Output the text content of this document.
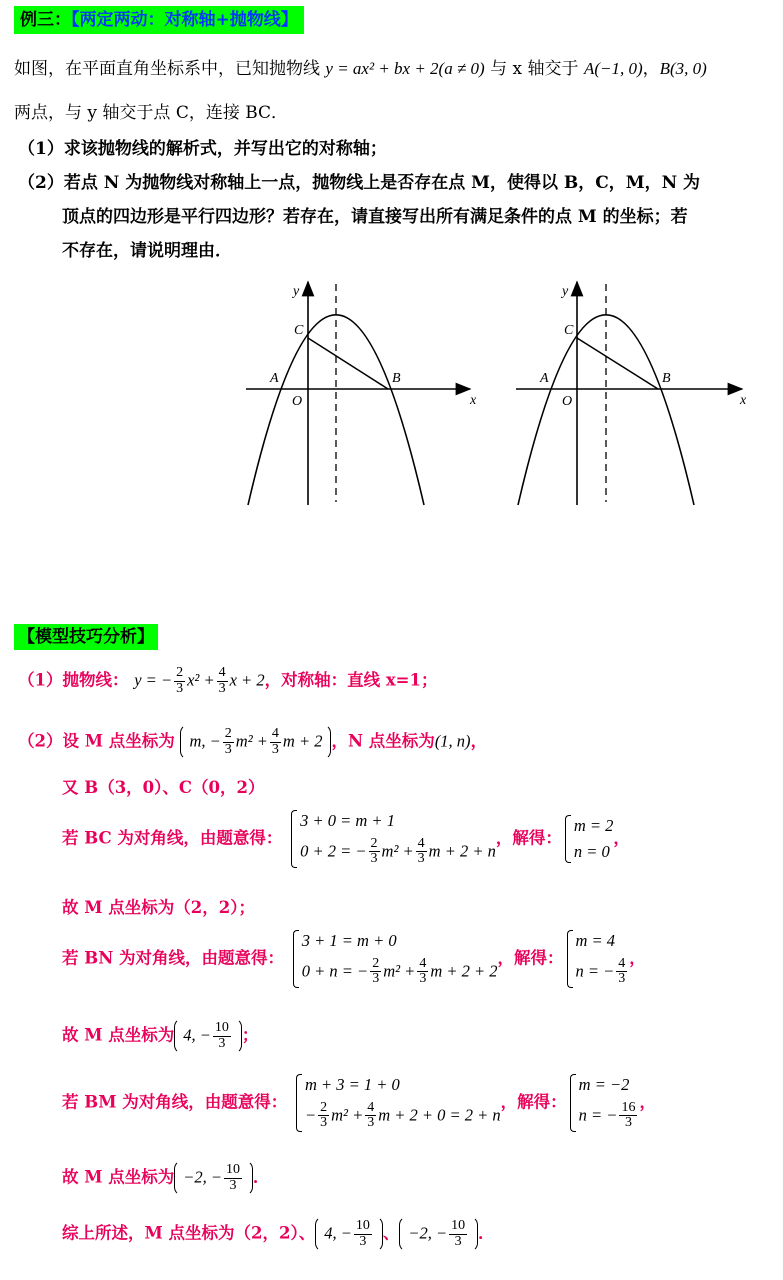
例三：【两定两动：对称轴+抛物线】
如图，在平面直角坐标系中，已知抛物线 y = ax² + bx + 2(a ≠ 0) 与 x 轴交于 A(−1, 0)，B(3, 0)
两点，与 y 轴交于点 C，连接 BC．
（1）求该抛物线的解析式，并写出它的对称轴；
（2）若点 N 为抛物线对称轴上一点，抛物线上是否存在点 M，使得以 B，C，M，N 为
顶点的四边形是平行四边形？若存在，请直接写出所有满足条件的点 M 的坐标；若
不存在，请说明理由．
y
x
O
A	B
C
y
x
O
A	B
C
【模型技巧分析】
（1）抛物线： y = − $\frac{2}{3} x^2 + \frac{4}{3}$ x + 2，对称轴：直线 x=1；
（2）设 M 点坐标为 m, − $\frac{2}{3} m^2 + \frac{4}{3}$ m + 2 ，N 点坐标为(1, n)，
又 B（3，0）、C（0，2）
若 BC 为对角线，由题意得：
3 + 0 = m + 1
0 + 2 = − $\frac{2}{3} m^2 + \frac{4}{3}$ m + 2 + n
，解得：
m = 2
n = 0
，
故 M 点坐标为（2，2）；
若 BN 为对角线，由题意得：
3 + 1 = m + 0
0 + n = − $\frac{2}{3} m^2 + \frac{4}{3}$ m + 2 + 2
，解得：
m = 4
n = − $\frac{4}{3}$ ，
故 M 点坐标为 4, − $\frac{10}{3}$ ；
若 BM 为对角线，由题意得：
m + 3 = 1 + 0
− $\frac{2}{3} m^2 + \frac{4}{3}$ m + 2 + 0 = 2 + n
，解得：
m = −2
n = − $\frac{16}{3}$ ，
故 M 点坐标为 −2, − $\frac{10}{3}$ ．
综上所述，M 点坐标为（2，2）、 4, − $\frac{10}{3}$ 、 −2, − $\frac{10}{3}$ ．
